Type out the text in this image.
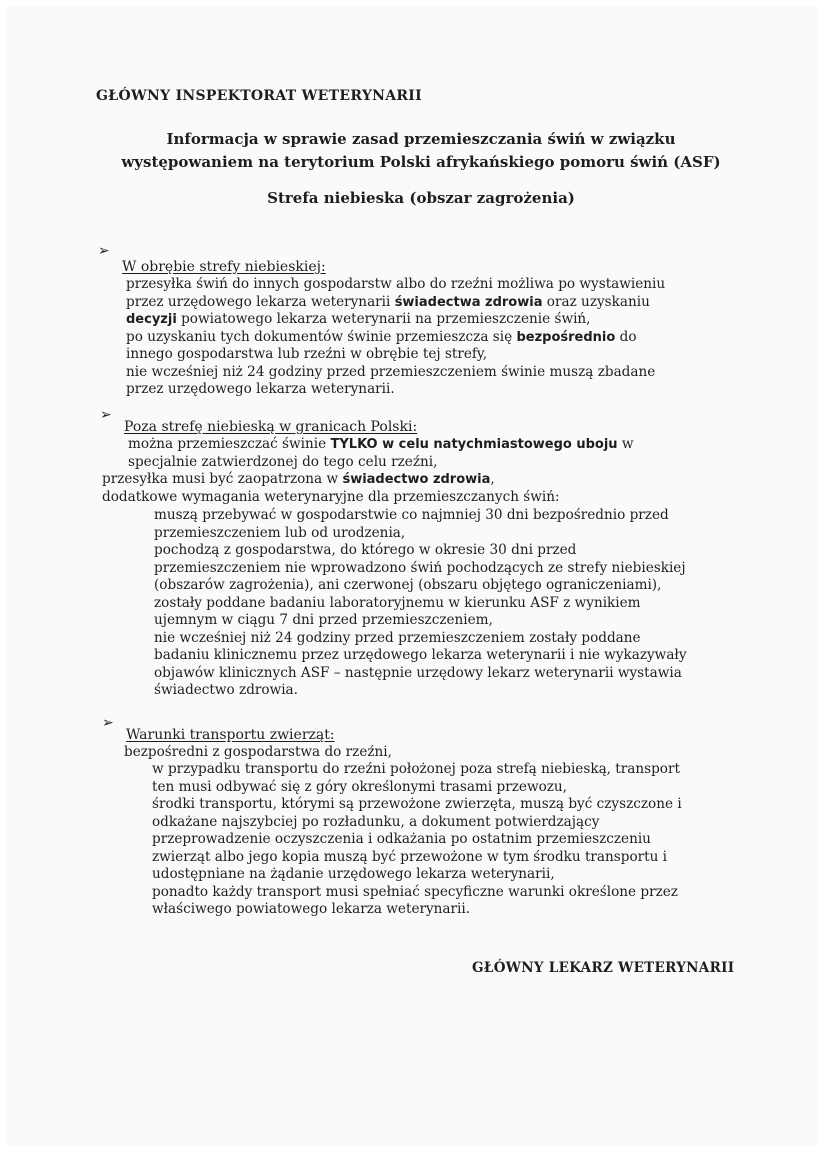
GŁÓWNY INSPEKTORAT WETERYNARII
Informacja w sprawie zasad przemieszczania świń w związku
występowaniem na terytorium Polski afrykańskiego pomoru świń (ASF)
Strefa niebieska (obszar zagrożenia)
➢
W obrębie strefy niebieskiej:
przesyłka świń do innych gospodarstw albo do rzeźni możliwa po wystawieniu
przez urzędowego lekarza weterynarii świadectwa zdrowia oraz uzyskaniu
decyzji powiatowego lekarza weterynarii na przemieszczenie świń,
po uzyskaniu tych dokumentów świnie przemieszcza się bezpośrednio do
innego gospodarstwa lub rzeźni w obrębie tej strefy,
nie wcześniej niż 24 godziny przed przemieszczeniem świnie muszą zbadane
przez urzędowego lekarza weterynarii.
➢
Poza strefę niebieską w granicach Polski:
można przemieszczać świnie TYLKO w celu natychmiastowego uboju w
specjalnie zatwierdzonej do tego celu rzeźni,
przesyłka musi być zaopatrzona w świadectwo zdrowia,
dodatkowe wymagania weterynaryjne dla przemieszczanych świń:
muszą przebywać w gospodarstwie co najmniej 30 dni bezpośrednio przed
przemieszczeniem lub od urodzenia,
pochodzą z gospodarstwa, do którego w okresie 30 dni przed
przemieszczeniem nie wprowadzono świń pochodzących ze strefy niebieskiej
(obszarów zagrożenia), ani czerwonej (obszaru objętego ograniczeniami),
zostały poddane badaniu laboratoryjnemu w kierunku ASF z wynikiem
ujemnym w ciągu 7 dni przed przemieszczeniem,
nie wcześniej niż 24 godziny przed przemieszczeniem zostały poddane
badaniu klinicznemu przez urzędowego lekarza weterynarii i nie wykazywały
objawów klinicznych ASF – następnie urzędowy lekarz weterynarii wystawia
świadectwo zdrowia.
➢
Warunki transportu zwierząt:
bezpośredni z gospodarstwa do rzeźni,
w przypadku transportu do rzeźni położonej poza strefą niebieską, transport
ten musi odbywać się z góry określonymi trasami przewozu,
środki transportu, którymi są przewożone zwierzęta, muszą być czyszczone i
odkażane najszybciej po rozładunku, a dokument potwierdzający
przeprowadzenie oczyszczenia i odkażania po ostatnim przemieszczeniu
zwierząt albo jego kopia muszą być przewożone w tym środku transportu i
udostępniane na żądanie urzędowego lekarza weterynarii,
ponadto każdy transport musi spełniać specyficzne warunki określone przez
właściwego powiatowego lekarza weterynarii.
GŁÓWNY LEKARZ WETERYNARII
